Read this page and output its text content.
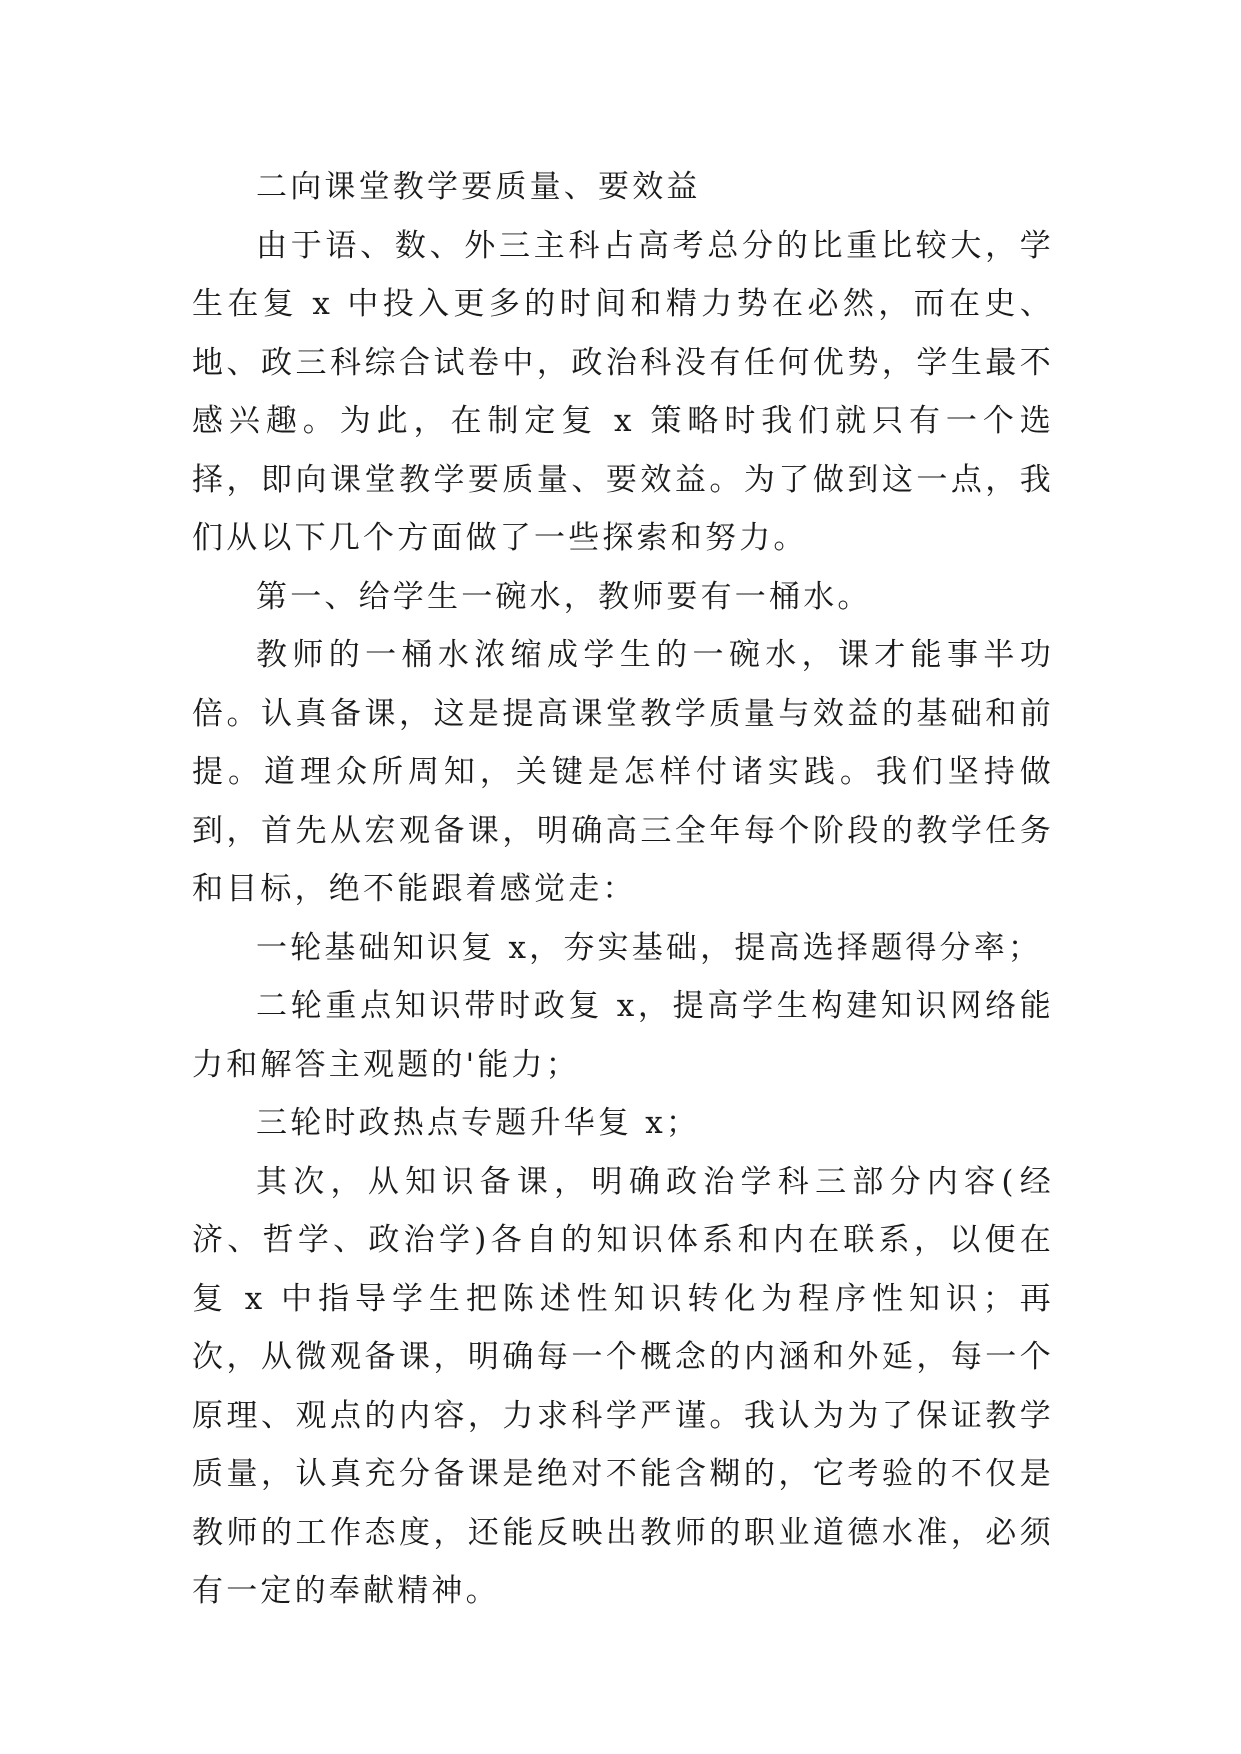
二向课堂教学要质量、要效益

由于语、数、外三主科占高考总分的比重比较大，学生在复 x 中投入更多的时间和精力势在必然，而在史、地、政三科综合试卷中，政治科没有任何优势，学生最不感兴趣。为此，在制定复 x 策略时我们就只有一个选择，即向课堂教学要质量、要效益。为了做到这一点，我们从以下几个方面做了一些探索和努力。

第一、给学生一碗水，教师要有一桶水。

教师的一桶水浓缩成学生的一碗水，课才能事半功倍。认真备课，这是提高课堂教学质量与效益的基础和前提。道理众所周知，关键是怎样付诸实践。我们坚持做到，首先从宏观备课，明确高三全年每个阶段的教学任务和目标，绝不能跟着感觉走：

一轮基础知识复 x，夯实基础，提高选择题得分率；

二轮重点知识带时政复 x，提高学生构建知识网络能力和解答主观题的'能力；

三轮时政热点专题升华复 x；

其次，从知识备课，明确政治学科三部分内容(经济、哲学、政治学)各自的知识体系和内在联系，以便在复 x 中指导学生把陈述性知识转化为程序性知识；再次，从微观备课，明确每一个概念的内涵和外延，每一个原理、观点的内容，力求科学严谨。我认为为了保证教学质量，认真充分备课是绝对不能含糊的，它考验的不仅是教师的工作态度，还能反映出教师的职业道德水准，必须有一定的奉献精神。
